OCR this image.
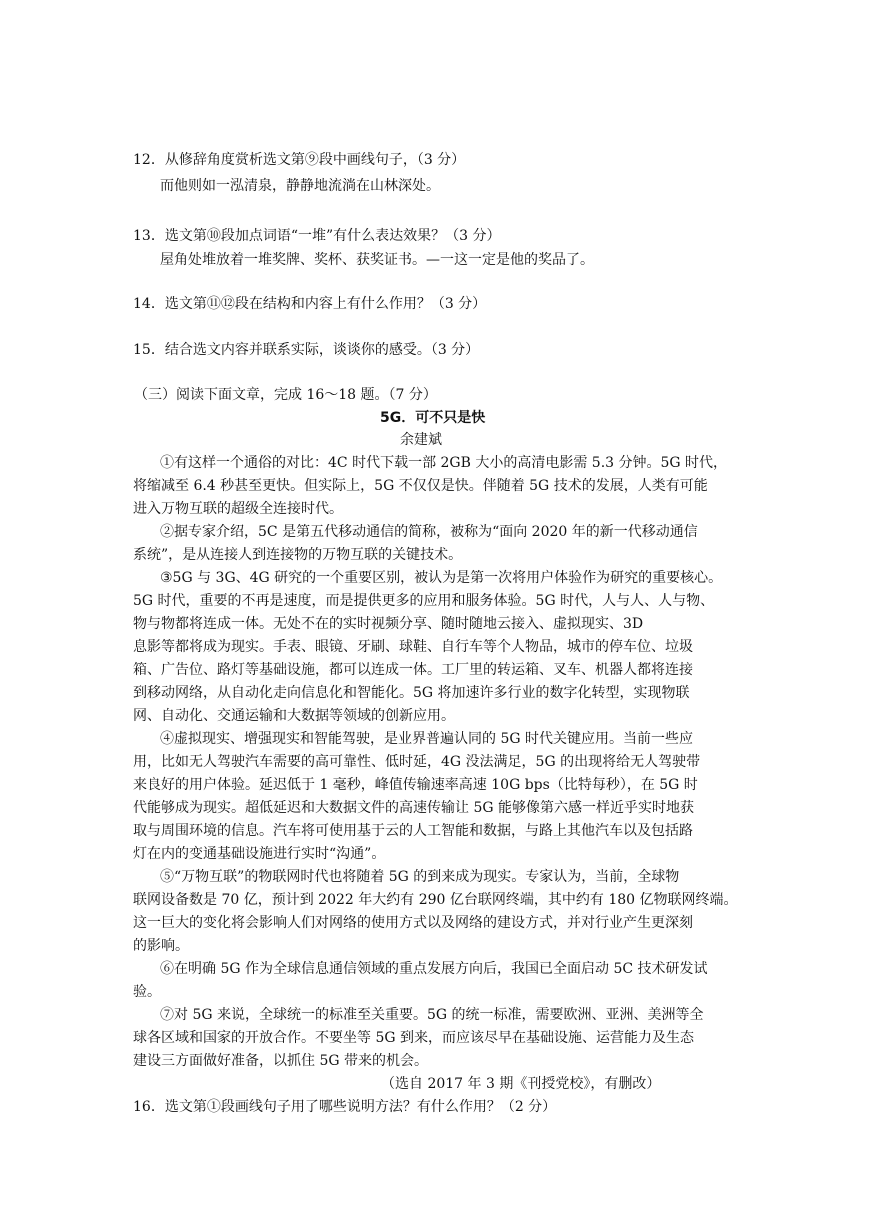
12．从修辞角度赏析选文第⑨段中画线句子，（3 分）
而他则如一泓清泉，静静地流淌在山林深处。
13．选文第⑩段加点词语“一堆”有什么表达效果？（3 分）
屋角处堆放着一堆奖牌、奖杯、获奖证书。—一这一定是他的奖品了。
14．选文第⑪⑫段在结构和内容上有什么作用？（3 分）
15．结合选文内容并联系实际，谈谈你的感受。（3 分）
（三）阅读下面文章，完成 16～18 题。（7 分）
5G．可不只是快
余建斌
①有这样一个通俗的对比：4C 时代下载一部 2GB 大小的高清电影需 5.3 分钟。5G 时代，
将缩减至 6.4 秒甚至更快。但实际上，5G 不仅仅是快。伴随着 5G 技术的发展，人类有可能
进入万物互联的超级全连接时代。
②据专家介绍，5C 是第五代移动通信的简称，被称为“面向 2020 年的新一代移动通信
系统”，是从连接人到连接物的万物互联的关键技术。
③5G 与 3G、4G 研究的一个重要区别，被认为是第一次将用户体验作为研究的重要核心。
5G 时代，重要的不再是速度，而是提供更多的应用和服务体验。5G 时代，人与人、人与物、
物与物都将连成一体。无处不在的实时视频分享、随时随地云接入、虚拟现实、3D
息影等都将成为现实。手表、眼镜、牙刷、球鞋、自行车等个人物品，城市的停车位、垃圾
箱、广告位、路灯等基础设施，都可以连成一体。工厂里的转运箱、叉车、机器人都将连接
到移动网络，从自动化走向信息化和智能化。5G 将加速许多行业的数字化转型，实现物联
网、自动化、交通运输和大数据等领域的创新应用。
④虚拟现实、增强现实和智能驾驶，是业界普遍认同的 5G 时代关键应用。当前一些应
用，比如无人驾驶汽车需要的高可靠性、低时延，4G 没法满足，5G 的出现将给无人驾驶带
来良好的用户体验。延迟低于 1 毫秒，峰值传输速率高速 10G bps（比特每秒），在 5G 时
代能够成为现实。超低延迟和大数据文件的高速传输让 5G 能够像第六感一样近乎实时地获
取与周围环境的信息。汽车将可使用基于云的人工智能和数据，与路上其他汽车以及包括路
灯在内的变通基础设施进行实时“沟通”。
⑤“万物互联”的物联网时代也将随着 5G 的到来成为现实。专家认为，当前，全球物
联网设备数是 70 亿，预计到 2022 年大约有 290 亿台联网终端，其中约有 180 亿物联网终端。
这一巨大的变化将会影响人们对网络的使用方式以及网络的建设方式，并对行业产生更深刻
的影响。
⑥在明确 5G 作为全球信息通信领域的重点发展方向后，我国已全面启动 5C 技术研发试
验。
⑦对 5G 来说，全球统一的标准至关重要。5G 的统一标准，需要欧洲、亚洲、美洲等全
球各区域和国家的开放合作。不要坐等 5G 到来，而应该尽早在基础设施、运营能力及生态
建设三方面做好准备，以抓住 5G 带来的机会。
（选自 2017 年 3 期《刊授党校》，有删改）
16．选文第①段画线句子用了哪些说明方法？有什么作用？（2 分）
